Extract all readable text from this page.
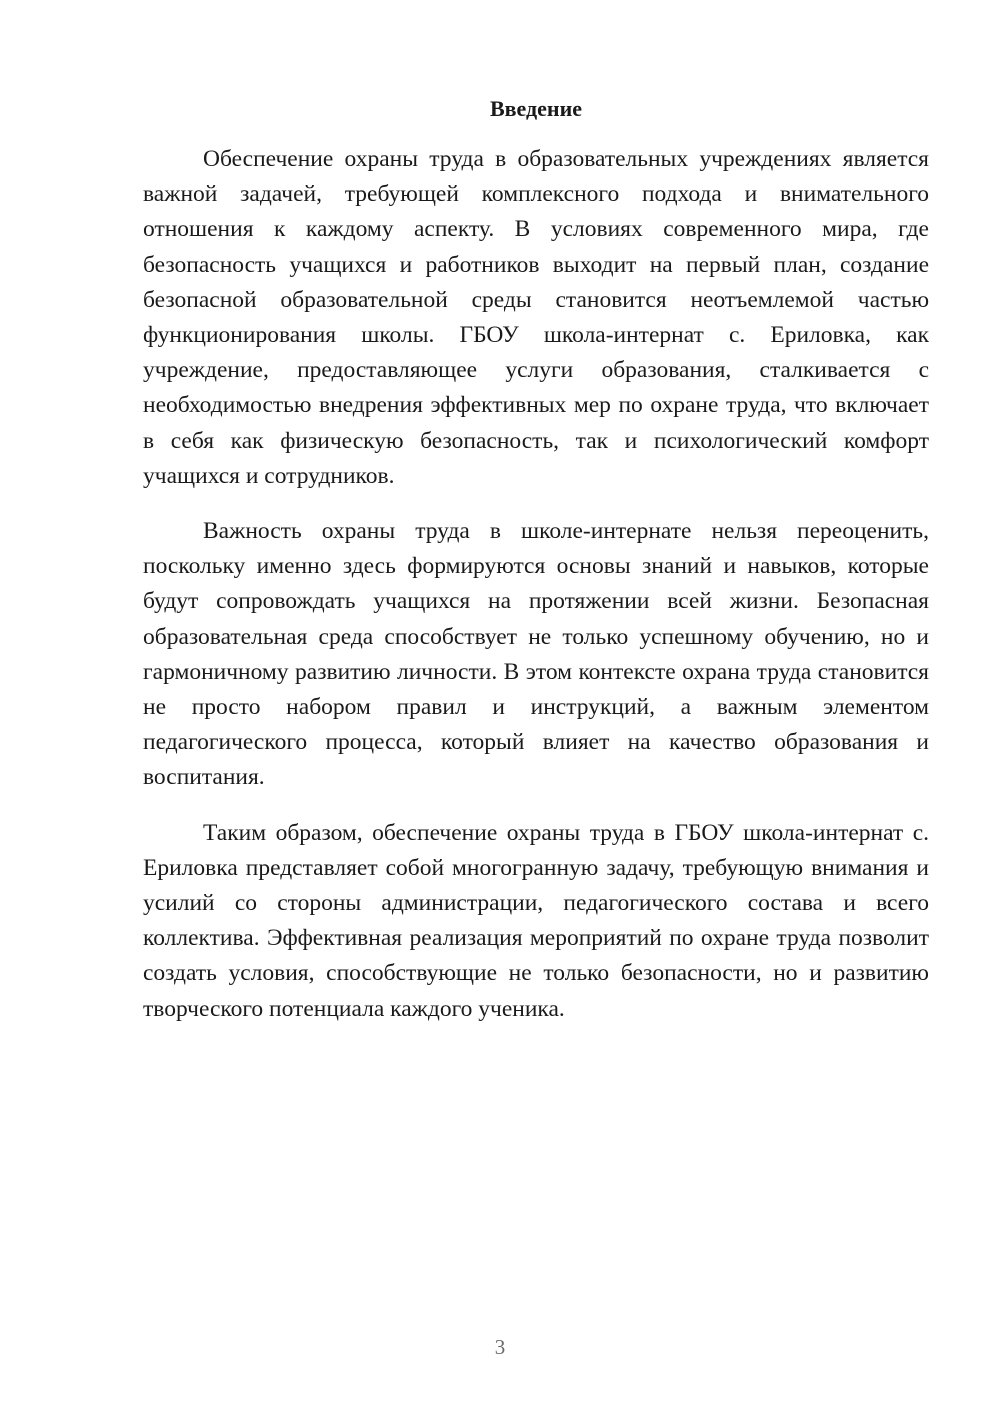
Введение

Обеспечение охраны труда в образовательных учреждениях является важной задачей, требующей комплексного подхода и внимательного отношения к каждому аспекту. В условиях современного мира, где безопасность учащихся и работников выходит на первый план, создание безопасной образовательной среды становится неотъемлемой частью функционирования школы. ГБОУ школа-интернат с. Ериловка, как учреждение, предоставляющее услуги образования, сталкивается с необходимостью внедрения эффективных мер по охране труда, что включает в себя как физическую безопасность, так и психологический комфорт учащихся и сотрудников.

Важность охраны труда в школе-интернате нельзя переоценить, поскольку именно здесь формируются основы знаний и навыков, которые будут сопровождать учащихся на протяжении всей жизни. Безопасная образовательная среда способствует не только успешному обучению, но и гармоничному развитию личности. В этом контексте охрана труда становится не просто набором правил и инструкций, а важным элементом педагогического процесса, который влияет на качество образования и воспитания.

Таким образом, обеспечение охраны труда в ГБОУ школа-интернат с. Ериловка представляет собой многогранную задачу, требующую внимания и усилий со стороны администрации, педагогического состава и всего коллектива. Эффективная реализация мероприятий по охране труда позволит создать условия, способствующие не только безопасности, но и развитию творческого потенциала каждого ученика.

3
